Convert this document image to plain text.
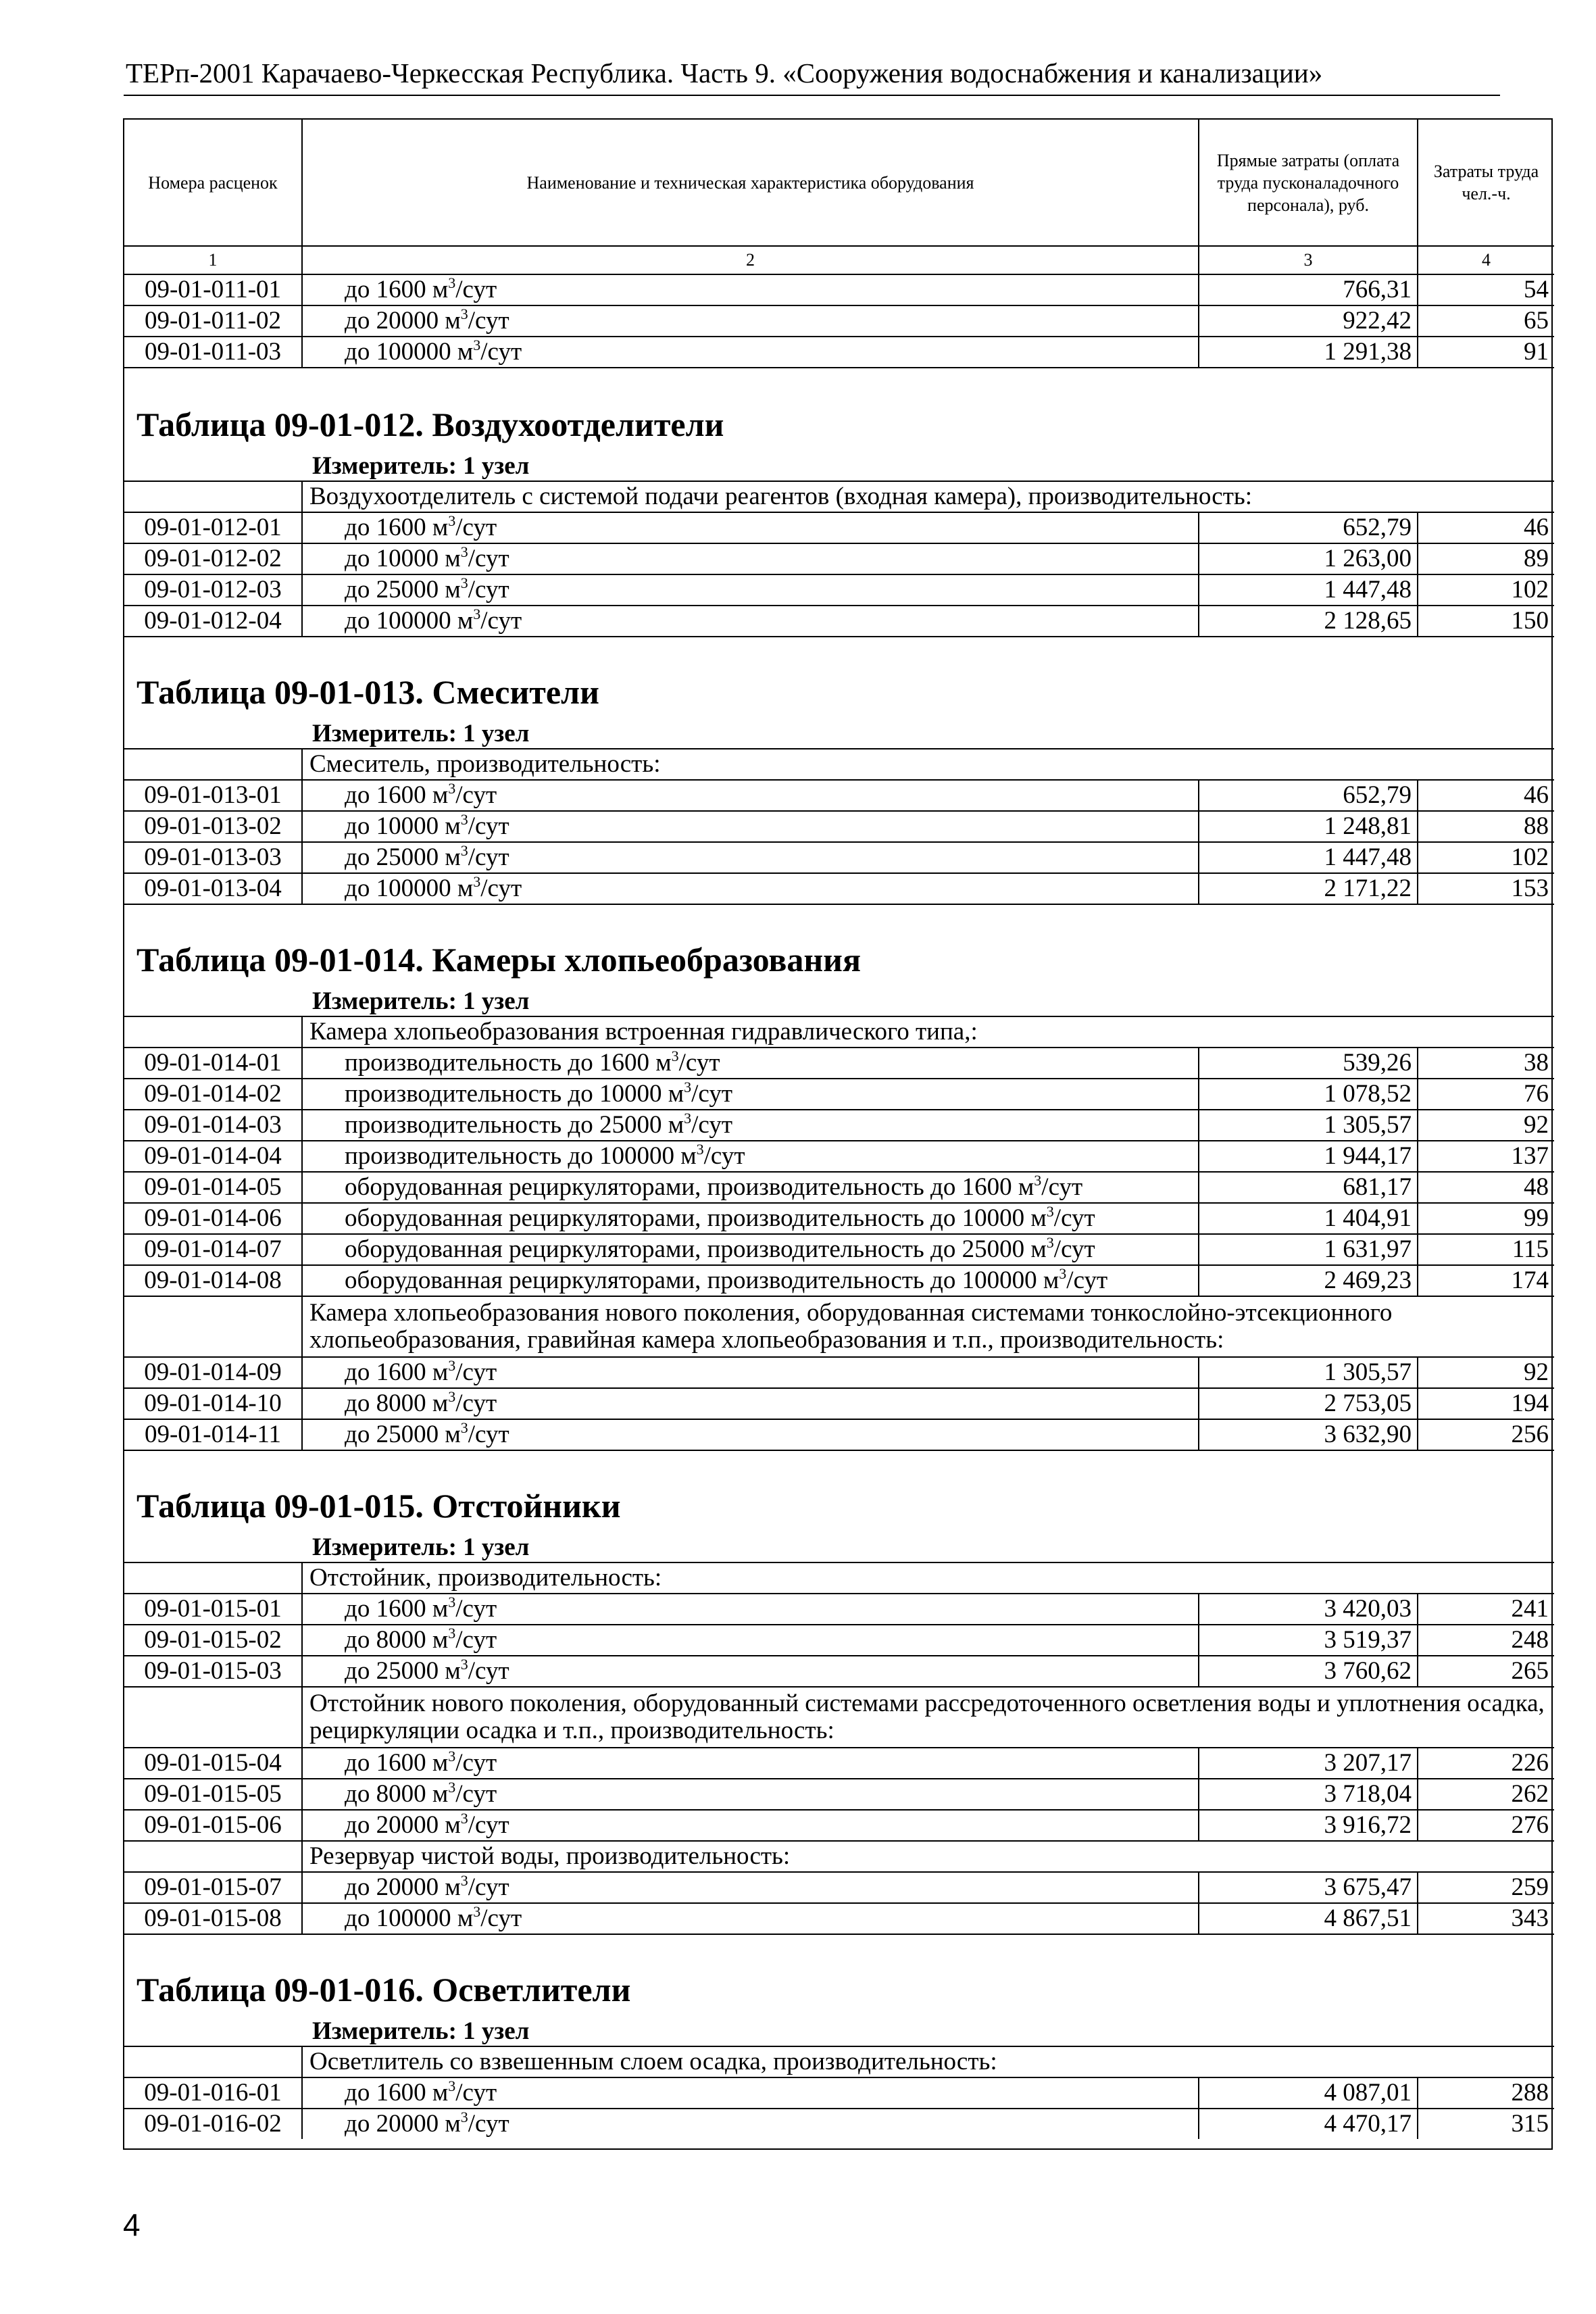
ТЕРп-2001 Карачаево-Черкесская Республика. Часть 9. «Сооружения водоснабжения и канализации»
Номера расценок	Наименование и техническая характеристика оборудования	Прямые затраты (оплата труда пусконаладочного персонала), руб.	Затраты труда чел.-ч.
1	2	3	4
09-01-011-01	до 1600 $м^3$/сут	766,31	54
09-01-011-02	до 20000 $м^3$/сут	922,42	65
09-01-011-03	до 100000 $м^3$/сут	1 291,38	91
Таблица 09-01-012. Воздухоотделители			
Измеритель: 1 узел			
	Воздухоотделитель с системой подачи реагентов (входная камера), производительность:		
09-01-012-01	до 1600 $м^3$/сут	652,79	46
09-01-012-02	до 10000 $м^3$/сут	1 263,00	89
09-01-012-03	до 25000 $м^3$/сут	1 447,48	102
09-01-012-04	до 100000 $м^3$/сут	2 128,65	150
Таблица 09-01-013. Смесители			
Измеритель: 1 узел			
	Смеситель, производительность:		
09-01-013-01	до 1600 $м^3$/сут	652,79	46
09-01-013-02	до 10000 $м^3$/сут	1 248,81	88
09-01-013-03	до 25000 $м^3$/сут	1 447,48	102
09-01-013-04	до 100000 $м^3$/сут	2 171,22	153
Таблица 09-01-014. Камеры хлопьеобразования			
Измеритель: 1 узел			
	Камера хлопьеобразования встроенная гидравлического типа,:		
09-01-014-01	производительность до 1600 $м^3$/сут	539,26	38
09-01-014-02	производительность до 10000 $м^3$/сут	1 078,52	76
09-01-014-03	производительность до 25000 $м^3$/сут	1 305,57	92
09-01-014-04	производительность до 100000 $м^3$/сут	1 944,17	137
09-01-014-05	оборудованная рециркуляторами, производительность до 1600 $м^3$/сут	681,17	48
09-01-014-06	оборудованная рециркуляторами, производительность до 10000 $м^3$/сут	1 404,91	99
09-01-014-07	оборудованная рециркуляторами, производительность до 25000 $м^3$/сут	1 631,97	115
09-01-014-08	оборудованная рециркуляторами, производительность до 100000 $м^3$/сут	2 469,23	174
	Камера хлопьеобразования нового поколения, оборудованная системами тонкослойно-этсекционного хлопьеобразования, гравийная камера хлопьеобразования и т.п., производительность:		
09-01-014-09	до 1600 $м^3$/сут	1 305,57	92
09-01-014-10	до 8000 $м^3$/сут	2 753,05	194
09-01-014-11	до 25000 $м^3$/сут	3 632,90	256
Таблица 09-01-015. Отстойники			
Измеритель: 1 узел			
	Отстойник, производительность:		
09-01-015-01	до 1600 $м^3$/сут	3 420,03	241
09-01-015-02	до 8000 $м^3$/сут	3 519,37	248
09-01-015-03	до 25000 $м^3$/сут	3 760,62	265
	Отстойник нового поколения, оборудованный системами рассредоточенного осветления воды и уплотнения осадка, рециркуляции осадка и т.п., производительность:		
09-01-015-04	до 1600 $м^3$/сут	3 207,17	226
09-01-015-05	до 8000 $м^3$/сут	3 718,04	262
09-01-015-06	до 20000 $м^3$/сут	3 916,72	276
	Резервуар чистой воды, производительность:		
09-01-015-07	до 20000 $м^3$/сут	3 675,47	259
09-01-015-08	до 100000 $м^3$/сут	4 867,51	343
Таблица 09-01-016. Осветлители			
Измеритель: 1 узел			
	Осветлитель со взвешенным слоем осадка, производительность:		
09-01-016-01	до 1600 $м^3$/сут	4 087,01	288
09-01-016-02	до 20000 $м^3$/сут	4 470,17	315
4
